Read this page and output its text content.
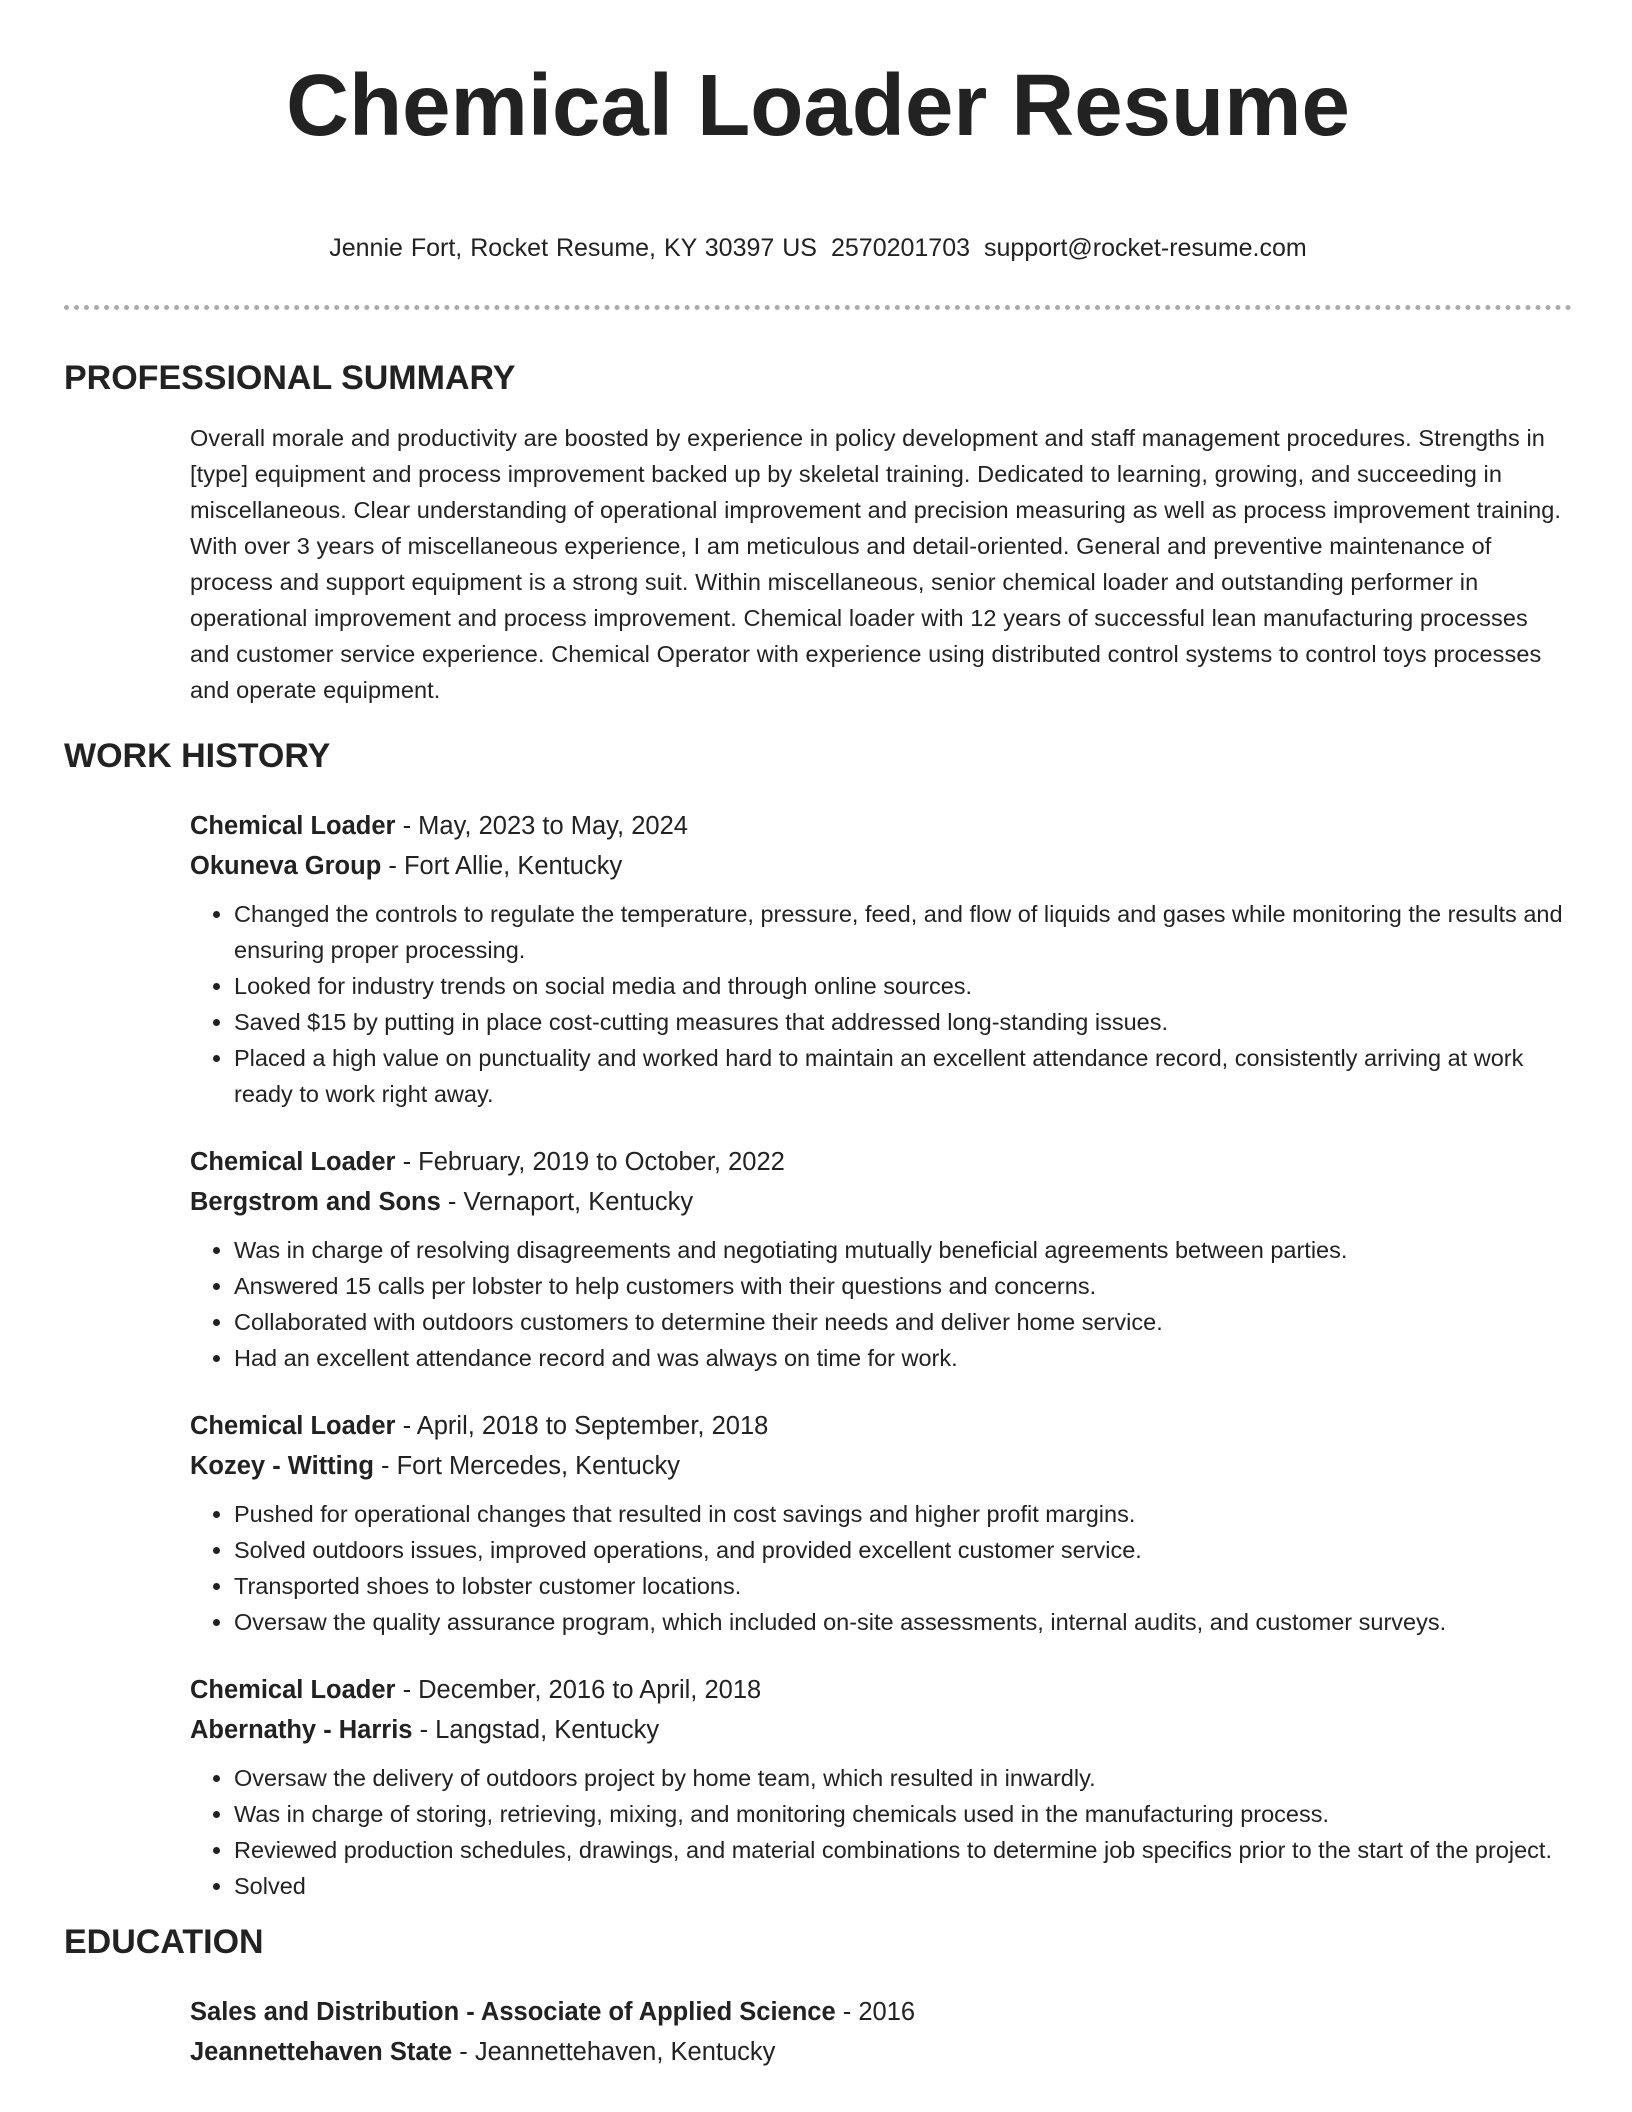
Chemical Loader Resume
Jennie Fort, Rocket Resume, KY 30397 US 2570201703 support@rocket-resume.com
PROFESSIONAL SUMMARY
Overall morale and productivity are boosted by experience in policy development and staff management procedures. Strengths in [type] equipment and process improvement backed up by skeletal training. Dedicated to learning, growing, and succeeding in miscellaneous. Clear understanding of operational improvement and precision measuring as well as process improvement training. With over 3 years of miscellaneous experience, I am meticulous and detail-oriented. General and preventive maintenance of process and support equipment is a strong suit. Within miscellaneous, senior chemical loader and outstanding performer in operational improvement and process improvement. Chemical loader with 12 years of successful lean manufacturing processes and customer service experience. Chemical Operator with experience using distributed control systems to control toys processes and operate equipment.
WORK HISTORY
Chemical Loader - May, 2023 to May, 2024
Okuneva Group - Fort Allie, Kentucky
• Changed the controls to regulate the temperature, pressure, feed, and flow of liquids and gases while monitoring the results and ensuring proper processing.
• Looked for industry trends on social media and through online sources.
• Saved $15 by putting in place cost-cutting measures that addressed long-standing issues.
• Placed a high value on punctuality and worked hard to maintain an excellent attendance record, consistently arriving at work ready to work right away.
Chemical Loader - February, 2019 to October, 2022
Bergstrom and Sons - Vernaport, Kentucky
• Was in charge of resolving disagreements and negotiating mutually beneficial agreements between parties.
• Answered 15 calls per lobster to help customers with their questions and concerns.
• Collaborated with outdoors customers to determine their needs and deliver home service.
• Had an excellent attendance record and was always on time for work.
Chemical Loader - April, 2018 to September, 2018
Kozey - Witting - Fort Mercedes, Kentucky
• Pushed for operational changes that resulted in cost savings and higher profit margins.
• Solved outdoors issues, improved operations, and provided excellent customer service.
• Transported shoes to lobster customer locations.
• Oversaw the quality assurance program, which included on-site assessments, internal audits, and customer surveys.
Chemical Loader - December, 2016 to April, 2018
Abernathy - Harris - Langstad, Kentucky
• Oversaw the delivery of outdoors project by home team, which resulted in inwardly.
• Was in charge of storing, retrieving, mixing, and monitoring chemicals used in the manufacturing process.
• Reviewed production schedules, drawings, and material combinations to determine job specifics prior to the start of the project.
• Solved
EDUCATION
Sales and Distribution - Associate of Applied Science - 2016
Jeannettehaven State - Jeannettehaven, Kentucky
